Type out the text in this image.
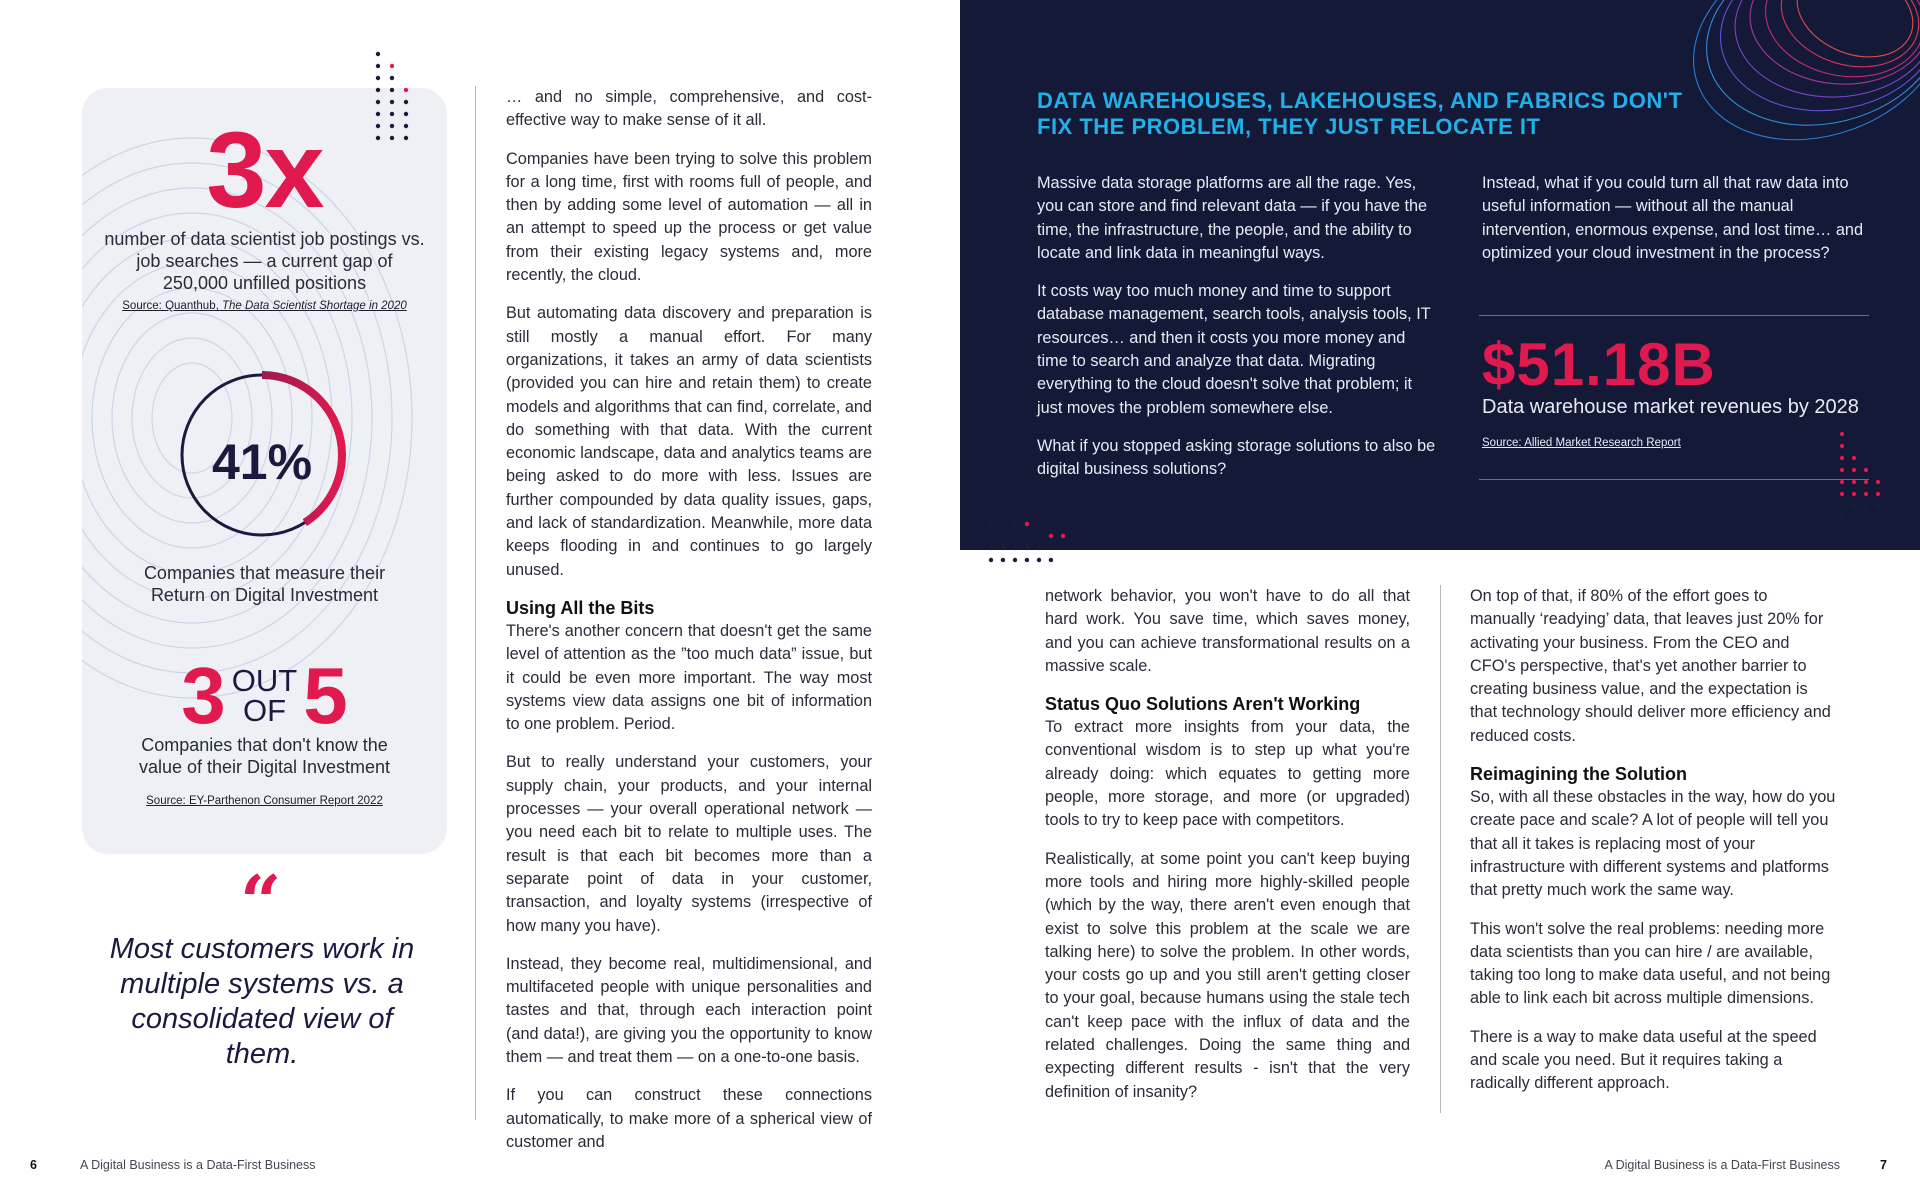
3x
number of data scientist job postings vs. job searches — a current gap of 250,000 unfilled positions
Source: Quanthub, The Data Scientist Shortage in 2020
41%
Companies that measure their Return on Digital Investment
3 OUT
OF 5
Companies that don't know the value of their Digital Investment
Source: EY-Parthenon Consumer Report 2022
“
Most customers work in multiple systems vs. a consolidated view of them.

… and no simple, comprehensive, and cost-effective way to make sense of it all.

Companies have been trying to solve this problem for a long time, first with rooms full of people, and then by adding some level of automation — all in an attempt to speed up the process or get value from their existing legacy systems and, more recently, the cloud.

But automating data discovery and preparation is still mostly a manual effort. For many organizations, it takes an army of data scientists (provided you can hire and retain them) to create models and algorithms that can find, correlate, and do something with that data. With the current economic landscape, data and analytics teams are being asked to do more with less. Issues are further compounded by data quality issues, gaps, and lack of standardization. Meanwhile, more data keeps flooding in and continues to go largely unused.

Using All the Bits

There's another concern that doesn't get the same level of attention as the ”too much data” issue, but it could be even more important. The way most systems view data assigns one bit of information to one problem. Period.

But to really understand your customers, your supply chain, your products, and your internal processes — your overall operational network — you need each bit to relate to multiple uses. The result is that each bit becomes more than a separate point of data in your customer, transaction, and loyalty systems (irrespective of how many you have).

Instead, they become real, multidimensional, and multifaceted people with unique personalities and tastes and that, through each interaction point (and data!), are giving you the opportunity to know them — and treat them — on a one-to-one basis.

If you can construct these connections automatically, to make more of a spherical view of customer and

DATA WAREHOUSES, LAKEHOUSES, AND FABRICS DON'T
FIX THE PROBLEM, THEY JUST RELOCATE IT

Massive data storage platforms are all the rage. Yes, you can store and find relevant data — if you have the time, the infrastructure, the people, and the ability to locate and link data in meaningful ways.

It costs way too much money and time to support database management, search tools, analysis tools, IT resources… and then it costs you more money and time to search and analyze that data. Migrating everything to the cloud doesn't solve that problem; it just moves the problem somewhere else.

What if you stopped asking storage solutions to also be digital business solutions?

Instead, what if you could turn all that raw data into useful information — without all the manual intervention, enormous expense, and lost time… and optimized your cloud investment in the process?

$51.18B
Data warehouse market revenues by 2028
Source: Allied Market Research Report

network behavior, you won't have to do all that hard work. You save time, which saves money, and you can achieve transformational results on a massive scale.

Status Quo Solutions Aren't Working

To extract more insights from your data, the conventional wisdom is to step up what you're already doing: which equates to getting more people, more storage, and more (or upgraded) tools to try to keep pace with competitors.

Realistically, at some point you can't keep buying more tools and hiring more highly-skilled people (which by the way, there aren't even enough that exist to solve this problem at the scale we are talking here) to solve the problem. In other words, your costs go up and you still aren't getting closer to your goal, because humans using the stale tech can't keep pace with the influx of data and the related challenges. Doing the same thing and expecting different results - isn't that the very definition of insanity?

On top of that, if 80% of the effort goes to manually ‘readying’ data, that leaves just 20% for activating your business. From the CEO and CFO's perspective, that's yet another barrier to creating business value, and the expectation is that technology should deliver more efficiency and reduced costs.

Reimagining the Solution

So, with all these obstacles in the way, how do you create pace and scale? A lot of people will tell you that all it takes is replacing most of your infrastructure with different systems and platforms that pretty much work the same way.

This won't solve the real problems: needing more data scientists than you can hire / are available, taking too long to make data useful, and not being able to link each bit across multiple dimensions.

There is a way to make data useful at the speed and scale you need. But it requires taking a radically different approach.

6	A Digital Business is a Data-First Business	A Digital Business is a Data-First Business	7
